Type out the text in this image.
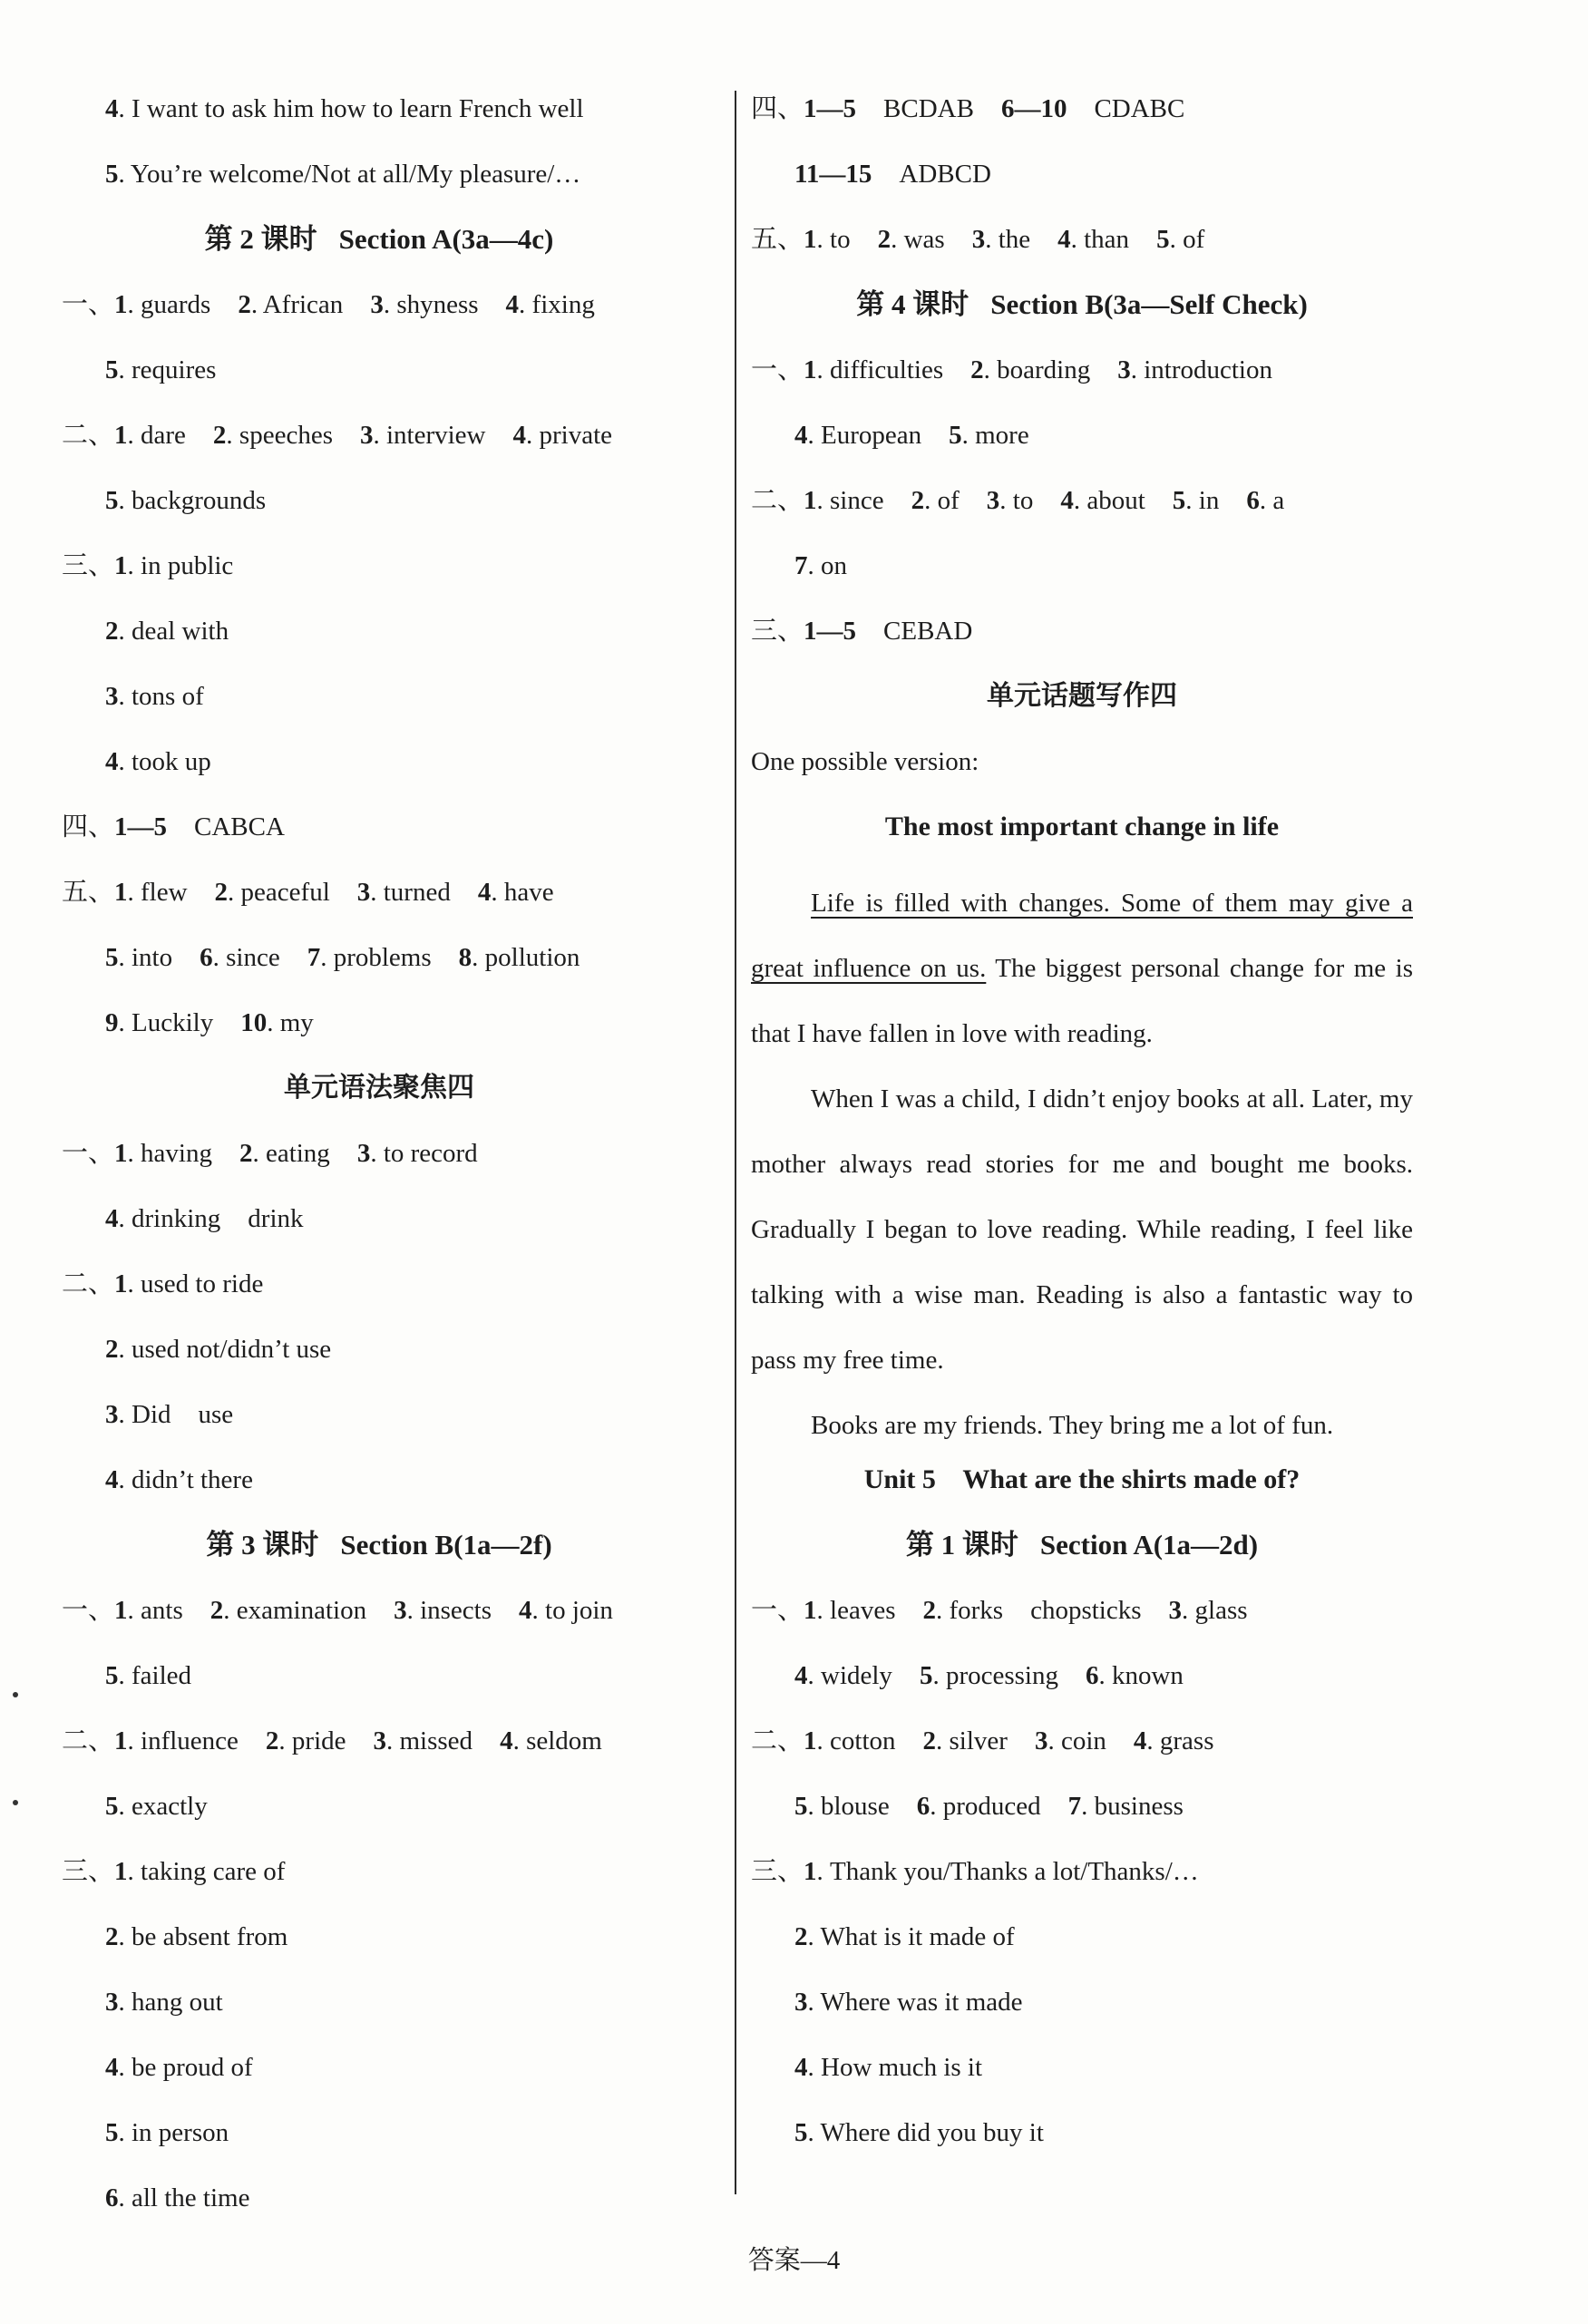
4. I want to ask him how to learn French well
5. You’re welcome/Not at all/My pleasure/…
第 2 课时 Section A(3a—4c)
一、1. guards 2. African 3. shyness 4. fixing
5. requires
二、1. dare 2. speeches 3. interview 4. private
5. backgrounds
三、1. in public
2. deal with
3. tons of
4. took up
四、1—5 CABCA
五、1. flew 2. peaceful 3. turned 4. have
5. into 6. since 7. problems 8. pollution
9. Luckily 10. my
单元语法聚焦四
一、1. having 2. eating 3. to record
4. drinking drink
二、1. used to ride
2. used not/didn’t use
3. Did use
4. didn’t there
第 3 课时 Section B(1a—2f)
一、1. ants 2. examination 3. insects 4. to join
5. failed
二、1. influence 2. pride 3. missed 4. seldom
5. exactly
三、1. taking care of
2. be absent from
3. hang out
4. be proud of
5. in person
6. all the time
四、1—5 BCDAB 6—10 CDABC
11—15 ADBCD
五、1. to 2. was 3. the 4. than 5. of
第 4 课时 Section B(3a—Self Check)
一、1. difficulties 2. boarding 3. introduction
4. European 5. more
二、1. since 2. of 3. to 4. about 5. in 6. a
7. on
三、1—5 CEBAD
单元话题写作四
One possible version:
The most important change in life

Life is filled with changes. Some of them may give a great influence on us. The biggest personal change for me is that I have fallen in love with reading.

When I was a child, I didn’t enjoy books at all. Later, my mother always read stories for me and bought me books. Gradually I began to love reading. While reading, I feel like talking with a wise man. Reading is also a fantastic way to pass my free time.

Books are my friends. They bring me a lot of fun.

Unit 5    What are the shirts made of?
第 1 课时 Section A(1a—2d)
一、1. leaves 2. forks chopsticks 3. glass
4. widely 5. processing 6. known
二、1. cotton 2. silver 3. coin 4. grass
5. blouse 6. produced 7. business
三、1. Thank you/Thanks a lot/Thanks/…
2. What is it made of
3. Where was it made
4. How much is it
5. Where did you buy it
答案—4
